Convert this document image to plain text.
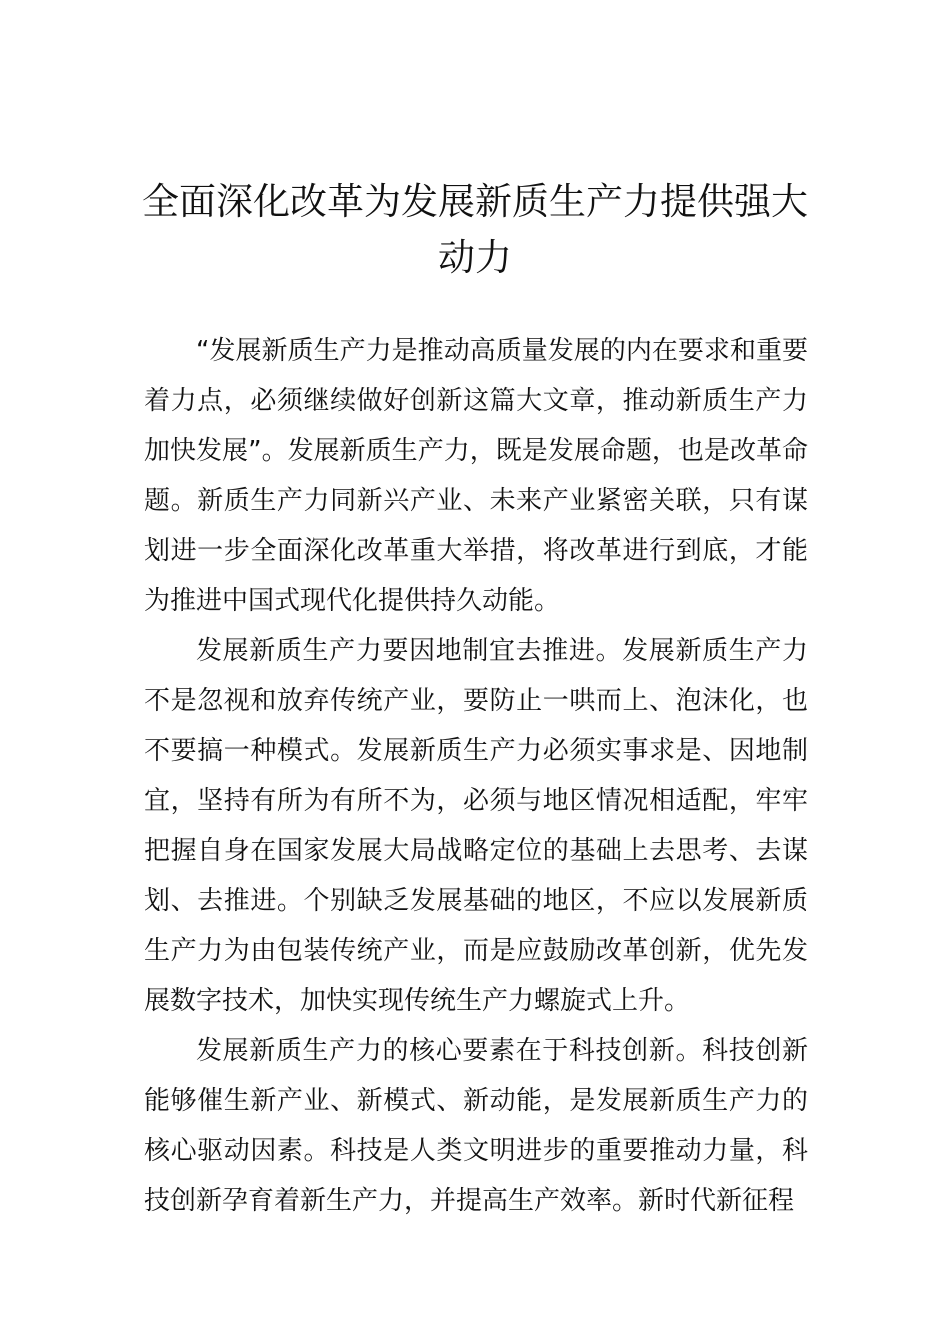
全面深化改革为发展新质生产力提供强大动力

“发展新质生产力是推动高质量发展的内在要求和重要着力点，必须继续做好创新这篇大文章，推动新质生产力加快发展”。发展新质生产力，既是发展命题，也是改革命题。新质生产力同新兴产业、未来产业紧密关联，只有谋划进一步全面深化改革重大举措，将改革进行到底，才能为推进中国式现代化提供持久动能。

发展新质生产力要因地制宜去推进。发展新质生产力不是忽视和放弃传统产业，要防止一哄而上、泡沫化，也不要搞一种模式。发展新质生产力必须实事求是、因地制宜，坚持有所为有所不为，必须与地区情况相适配，牢牢把握自身在国家发展大局战略定位的基础上去思考、去谋划、去推进。个别缺乏发展基础的地区，不应以发展新质生产力为由包装传统产业，而是应鼓励改革创新，优先发展数字技术，加快实现传统生产力螺旋式上升。

发展新质生产力的核心要素在于科技创新。科技创新能够催生新产业、新模式、新动能，是发展新质生产力的核心驱动因素。科技是人类文明进步的重要推动力量，科技创新孕育着新生产力，并提高生产效率。新时代新征程
